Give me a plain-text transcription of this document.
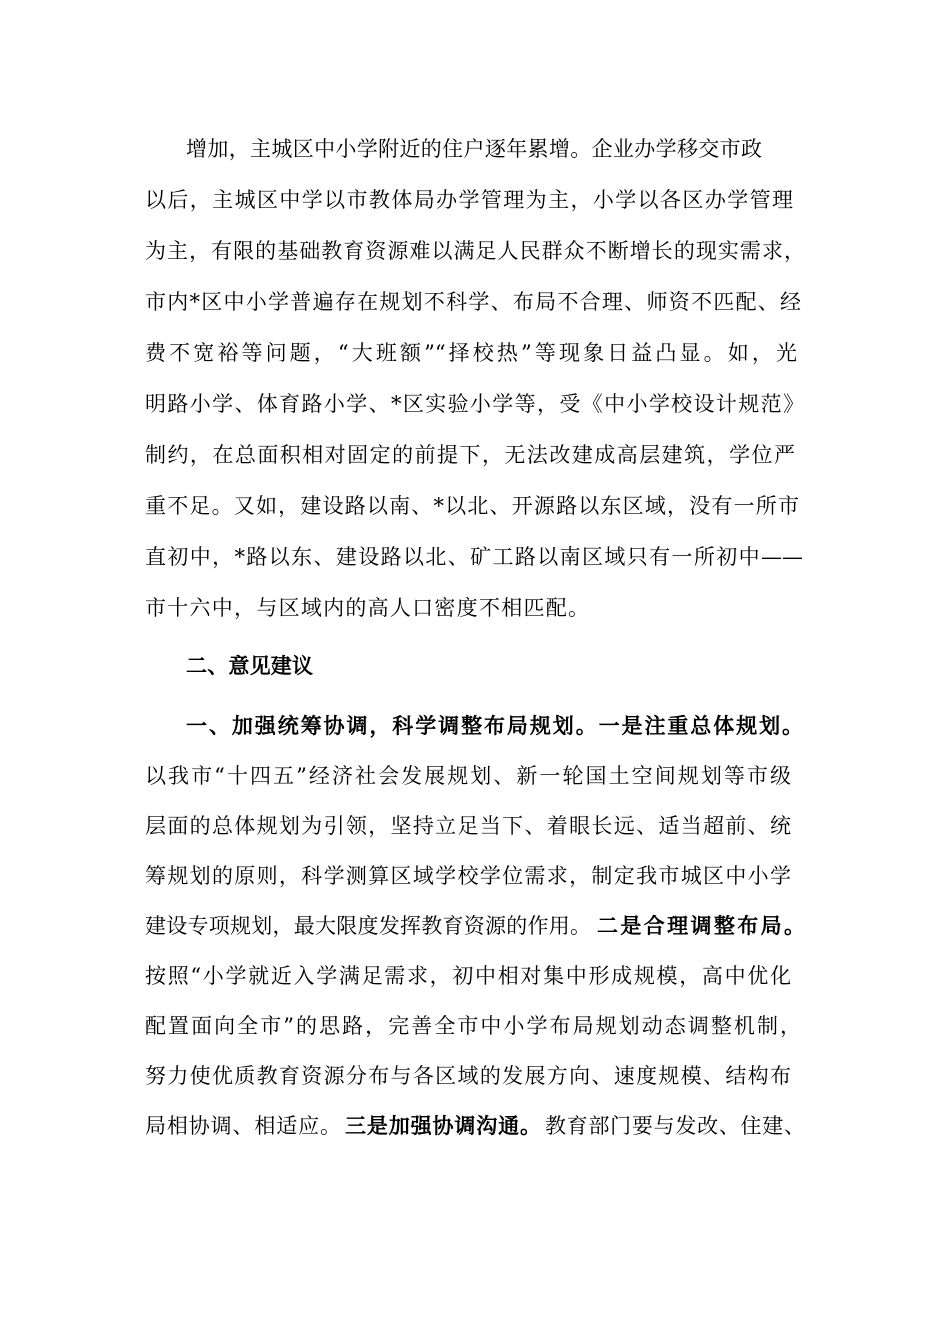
增加，主城区中小学附近的住户逐年累增。企业办学移交市政
以后，主城区中学以市教体局办学管理为主，小学以各区办学管理
为主，有限的基础教育资源难以满足人民群众不断增长的现实需求，
市内*区中小学普遍存在规划不科学、布局不合理、师资不匹配、经
费不宽裕等问题，“大班额”“择校热”等现象日益凸显。如，光
明路小学、体育路小学、*区实验小学等，受《中小学校设计规范》
制约，在总面积相对固定的前提下，无法改建成高层建筑，学位严
重不足。又如，建设路以南、*以北、开源路以东区域，没有一所市
直初中，*路以东、建设路以北、矿工路以南区域只有一所初中——
市十六中，与区域内的高人口密度不相匹配。
二、意见建议
一、加强统筹协调，科学调整布局规划。一是注重总体规划。
以我市“十四五”经济社会发展规划、新一轮国土空间规划等市级
层面的总体规划为引领，坚持立足当下、着眼长远、适当超前、统
筹规划的原则，科学测算区域学校学位需求，制定我市城区中小学
建设专项规划，最大限度发挥教育资源的作用。 二是合理调整布局。
按照“小学就近入学满足需求，初中相对集中形成规模，高中优化
配置面向全市”的思路，完善全市中小学布局规划动态调整机制，
努力使优质教育资源分布与各区域的发展方向、速度规模、结构布
局相协调、相适应。 三是加强协调沟通。 教育部门要与发改、住建、
